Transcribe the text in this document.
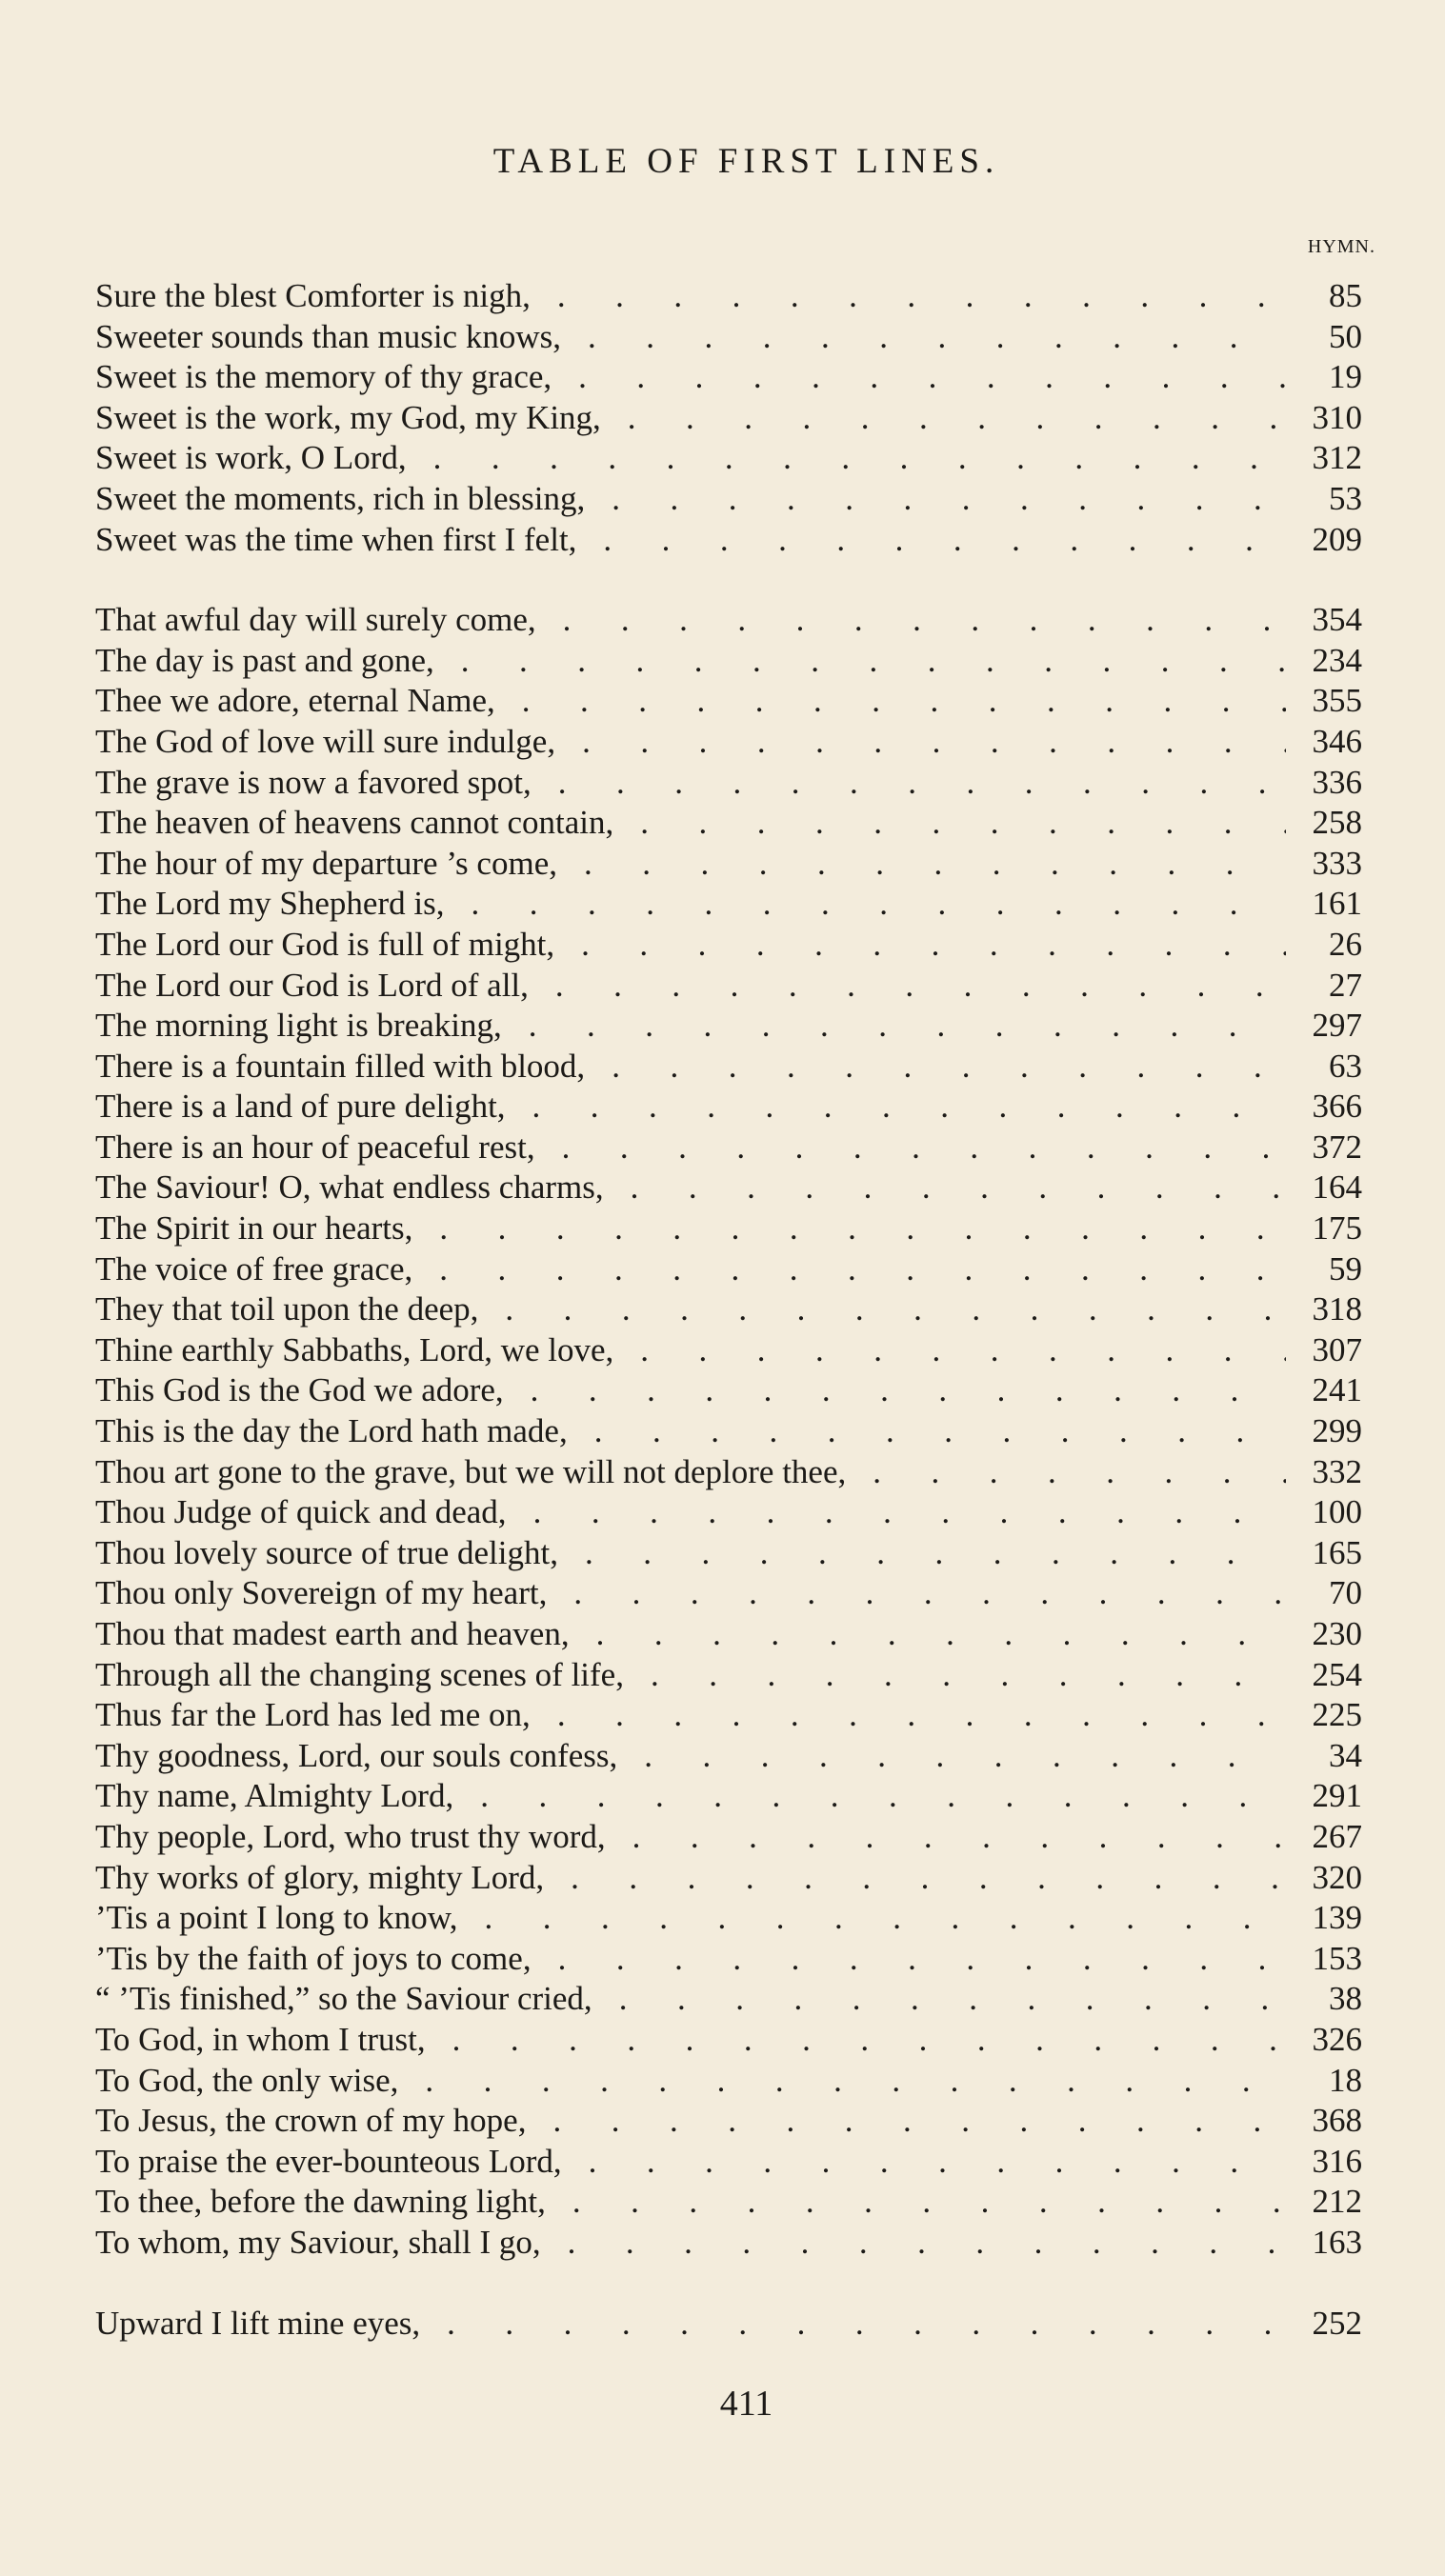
TABLE OF FIRST LINES.
HYMN.
Sure the blest Comforter is nigh, .	85
Sweeter sounds than music knows, .	50
Sweet is the memory of thy grace, .	19
Sweet is the work, my God, my King, .	310
Sweet is work, O Lord, .	312
Sweet the moments, rich in blessing, .	53
Sweet was the time when first I felt, .	209
That awful day will surely come, .	354
The day is past and gone, .	234
Thee we adore, eternal Name, .	355
The God of love will sure indulge, .	346
The grave is now a favored spot, .	336
The heaven of heavens cannot contain, .	258
The hour of my departure ’s come, .	333
The Lord my Shepherd is, .	161
The Lord our God is full of might, .	26
The Lord our God is Lord of all, .	27
The morning light is breaking, .	297
There is a fountain filled with blood, .	63
There is a land of pure delight, .	366
There is an hour of peaceful rest, .	372
The Saviour! O, what endless charms, .	164
The Spirit in our hearts, .	175
The voice of free grace, .	59
They that toil upon the deep, .	318
Thine earthly Sabbaths, Lord, we love, .	307
This God is the God we adore, .	241
This is the day the Lord hath made, .	299
Thou art gone to the grave, but we will not deplore thee, .	332
Thou Judge of quick and dead, .	100
Thou lovely source of true delight, .	165
Thou only Sovereign of my heart, .	70
Thou that madest earth and heaven, .	230
Through all the changing scenes of life, .	254
Thus far the Lord has led me on, .	225
Thy goodness, Lord, our souls confess, .	34
Thy name, Almighty Lord, .	291
Thy people, Lord, who trust thy word, .	267
Thy works of glory, mighty Lord, .	320
’Tis a point I long to know, .	139
’Tis by the faith of joys to come, .	153
“ ’Tis finished,” so the Saviour cried, .	38
To God, in whom I trust, .	326
To God, the only wise, .	18
To Jesus, the crown of my hope, .	368
To praise the ever-bounteous Lord, .	316
To thee, before the dawning light, .	212
To whom, my Saviour, shall I go, .	163
Upward I lift mine eyes, .	252
411
